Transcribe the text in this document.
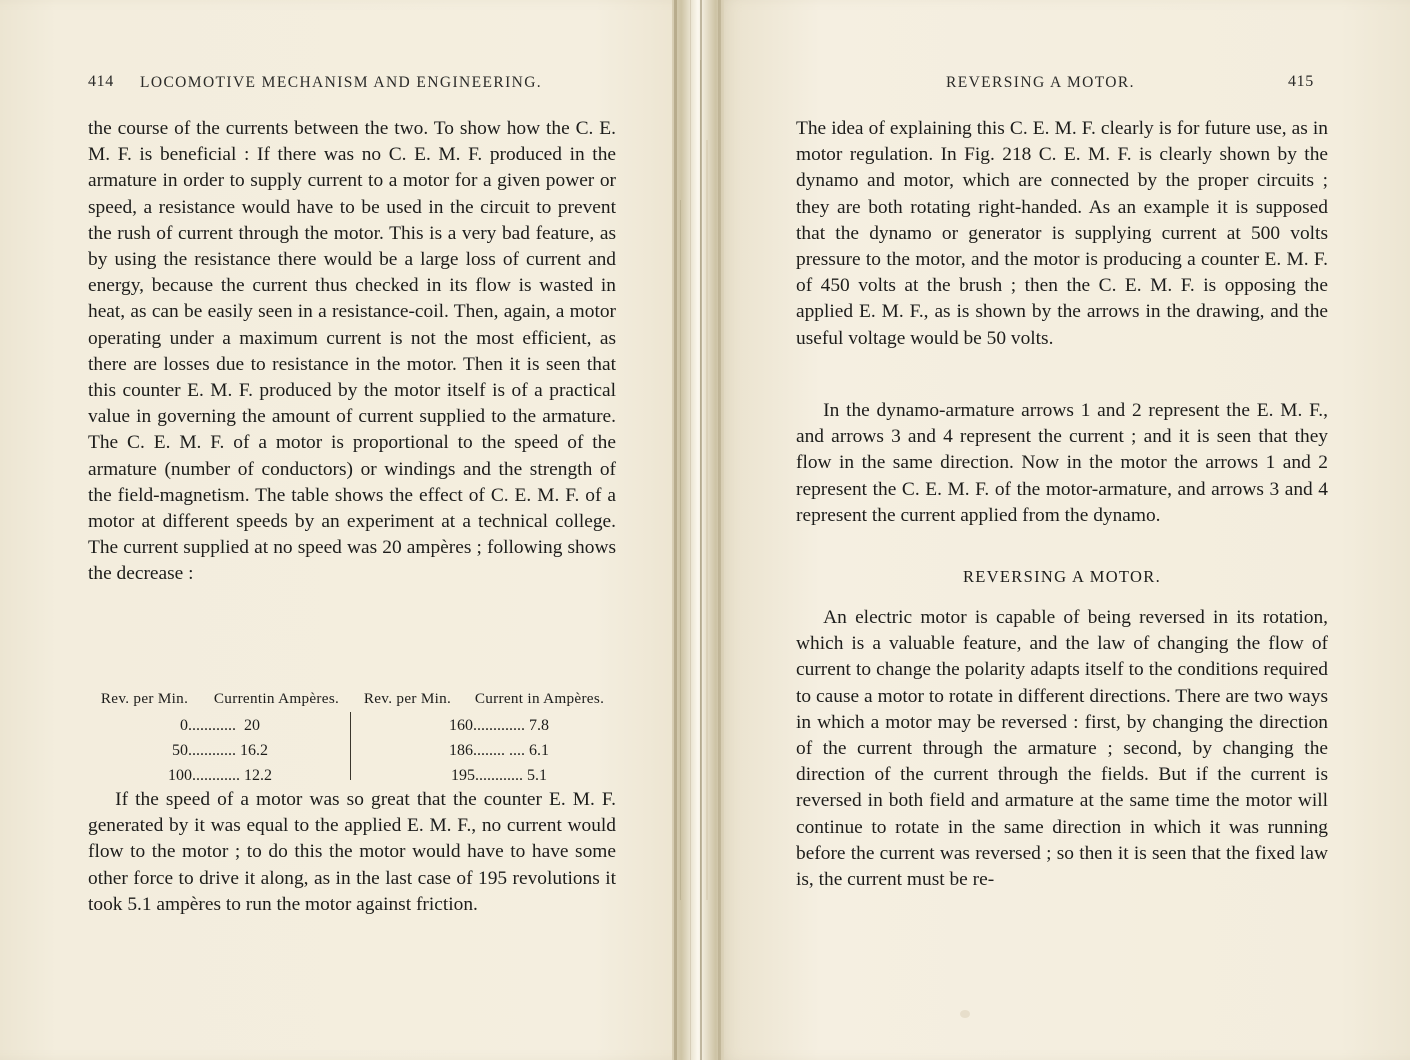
414 LOCOMOTIVE MECHANISM AND ENGINEERING.
the course of the currents between the two. To show how the C. E. M. F. is beneficial : If there was no C. E. M. F. produced in the armature in order to supply current to a motor for a given power or speed, a resistance would have to be used in the circuit to prevent the rush of current through the motor. This is a very bad feature, as by using the resistance there would be a large loss of current and energy, because the current thus checked in its flow is wasted in heat, as can be easily seen in a resistance-coil. Then, again, a motor operating under a maximum current is not the most efficient, as there are losses due to resistance in the motor. Then it is seen that this counter E. M. F. produced by the motor itself is of a practical value in governing the amount of current supplied to the armature. The C. E. M. F. of a motor is proportional to the speed of the armature (number of conductors) or windings and the strength of the field-magnetism. The table shows the effect of C. E. M. F. of a motor at different speeds by an experiment at a technical college. The current supplied at no speed was 20 ampères ; following shows the decrease :
Rev. per Min. Currentin Ampères. Rev. per Min. Current in Ampères.
0............  20
50............ 16.2
100............ 12.2
160............. 7.8
186........ .... 6.1
195............ 5.1

If the speed of a motor was so great that the counter E. M. F. generated by it was equal to the applied E. M. F., no current would flow to the motor ; to do this the motor would have to have some other force to drive it along, as in the last case of 195 revolutions it took 5.1 ampères to run the motor against friction.

REVERSING A MOTOR.	415
The idea of explaining this C. E. M. F. clearly is for future use, as in motor regulation. In Fig. 218 C. E. M. F. is clearly shown by the dynamo and motor, which are connected by the proper circuits ; they are both rotating right-handed. As an example it is supposed that the dynamo or generator is supplying current at 500 volts pressure to the motor, and the motor is producing a counter E. M. F. of 450 volts at the brush ; then the C. E. M. F. is opposing the applied E. M. F., as is shown by the arrows in the drawing, and the useful voltage would be 50 volts.

In the dynamo-armature arrows 1 and 2 represent the E. M. F., and arrows 3 and 4 represent the current ; and it is seen that they flow in the same direction. Now in the motor the arrows 1 and 2 represent the C. E. M. F. of the motor-armature, and arrows 3 and 4 represent the current applied from the dynamo.

REVERSING A MOTOR.

An electric motor is capable of being reversed in its rotation, which is a valuable feature, and the law of changing the flow of current to change the polarity adapts itself to the conditions required to cause a motor to rotate in different directions. There are two ways in which a motor may be reversed : first, by changing the direction of the current through the armature ; second, by changing the direction of the current through the fields. But if the current is reversed in both field and armature at the same time the motor will continue to rotate in the same direction in which it was running before the current was reversed ; so then it is seen that the fixed law is, the current must be re-
